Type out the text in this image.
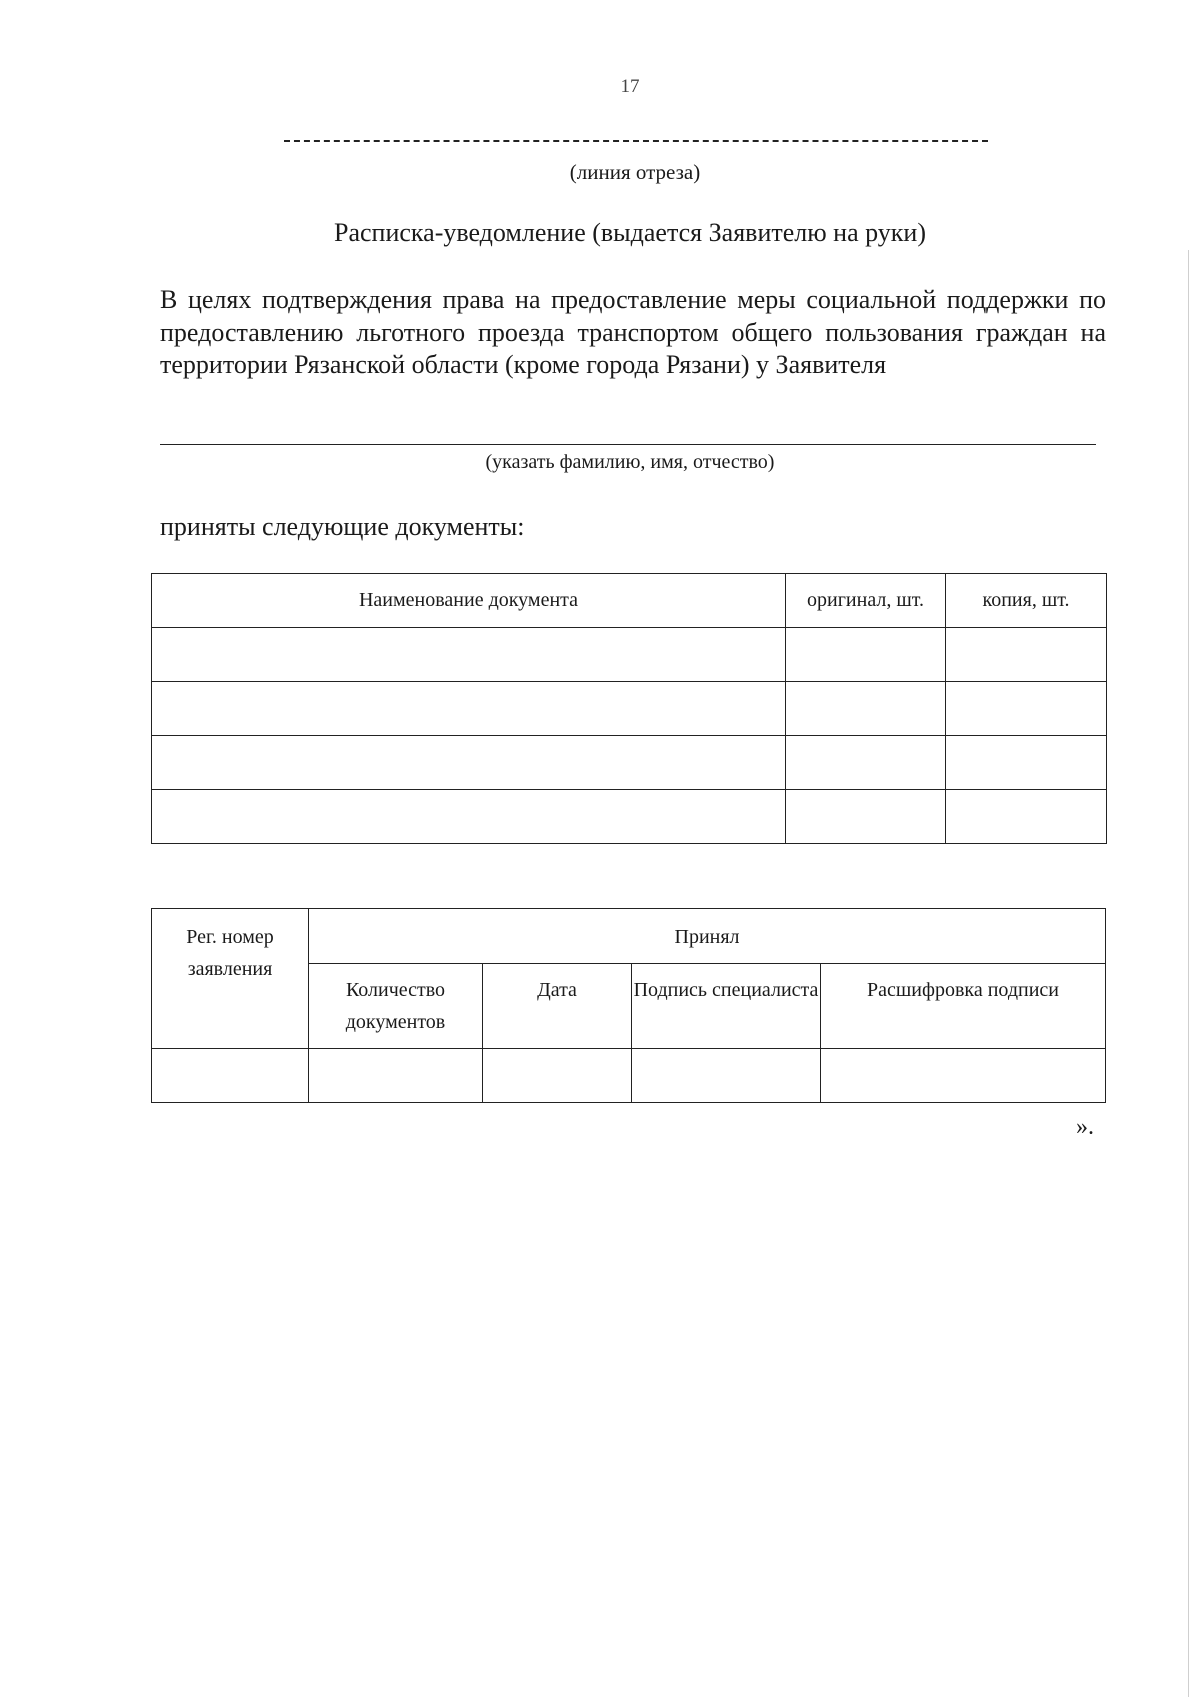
17
(линия отреза)
Расписка-уведомление (выдается Заявителю на руки)

В целях подтверждения права на предоставление меры социальной поддержки по предоставлению льготного проезда транспортом общего пользования граждан на территории Рязанской области (кроме города Рязани) у Заявителя

(указать фамилию, имя, отчество)
приняты следующие документы:
Наименование документа	оригинал, шт.	копия, шт.

Рег. номер заявления	Принял			
	Количество документов	Дата	Подпись специалиста	Расшифровка подписи

».
